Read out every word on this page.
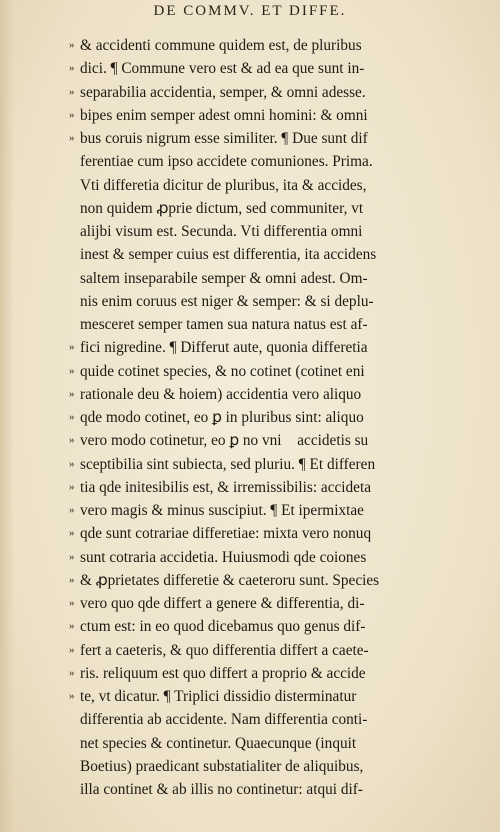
DE COMMV. ET DIFFE.
» & accidenti commune quidem est, de pluribus
» dici. ¶ Commune vero est & ad ea que sunt in-
» separabilia accidentia, semper, & omni adesse.
» bipes enim semper adest omni homini: & omni
» bus coruis nigrum esse similiter. ¶ Due sunt dif
ferentiae cum ipso accidete comuniones. Prima.
Vti differetia dicitur de pluribus, ita & accides,
non quidem ꝓprie dictum, sed communiter, vt
alijbi visum est. Secunda. Vti differentia omni
inest & semper cuius est differentia, ita accidens
saltem inseparabile semper & omni adest. Om-
nis enim coruus est niger & semper: & si deplu-
mesceret semper tamen sua natura natus est af-
» fici nigredine. ¶ Differut aute, quonia differetia
» quide cotinet species, & no cotinet (cotinet eni
» rationale deu & hoiem) accidentia vero aliquo
» qde modo cotinet, eo ꝑ in pluribus sint: aliquo
» vero modo cotinetur, eo ꝑ no vni᷒ accidetis su
» sceptibilia sint subiecta, sed pluriu. ¶ Et differen
» tia qde initesibilis est, & irremissibilis: accideta
» vero magis & minus suscipiut. ¶ Et ipermixtae
» qde sunt cotrariae differetiae: mixta vero nonuq
» sunt cotraria accidetia. Huiusmodi qde coiones
» & ꝓprietates differetie & caeteroru sunt. Species
» vero quo qde differt a genere & differentia, di-
» ctum est: in eo quod dicebamus quo genus dif-
» fert a caeteris, & quo differentia differt a caete-
» ris. reliquum est quo differt a proprio & accide
» te, vt dicatur. ¶ Triplici dissidio disterminatur
differentia ab accidente. Nam differentia conti-
net species & continetur. Quaecunque (inquit
Boetius) praedicant substatialiter de aliquibus,
illa continet & ab illis no continetur: atqui dif-
